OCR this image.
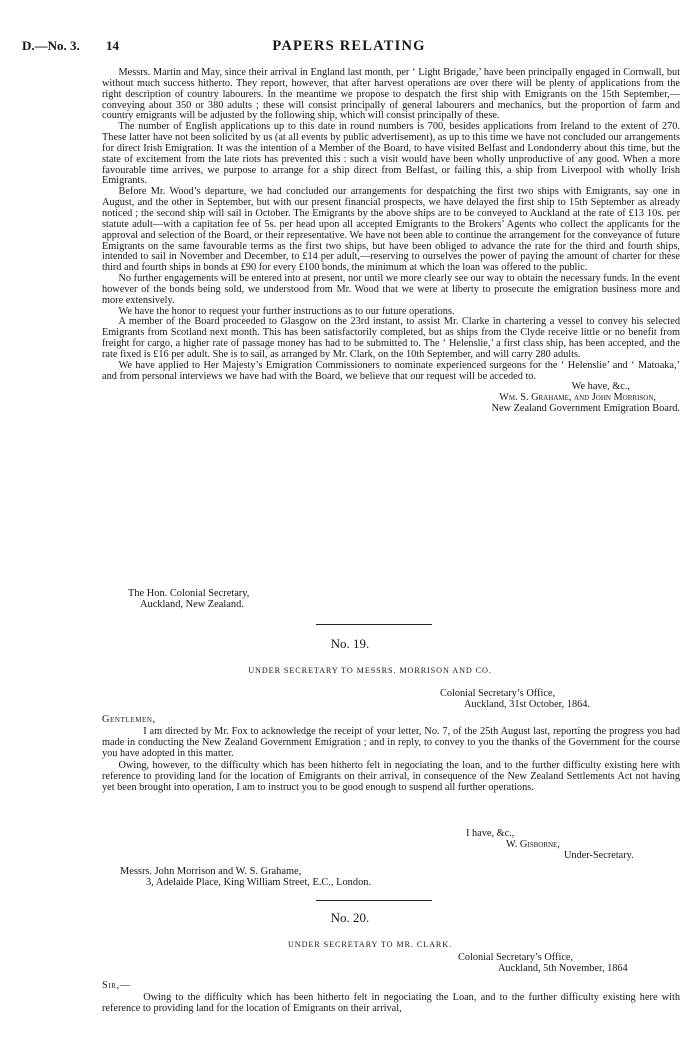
D.—No. 3. 14	PAPERS RELATING

Messrs. Martin and May, since their arrival in England last month, per ‘ Light Brigade,’ have been principally engaged in Cornwall, but without much success hitherto. They report, however, that after harvest operations are over there will be plenty of applications from the right description of country labourers. In the meantime we propose to despatch the first ship with Emigrants on the 15th September,—conveying about 350 or 380 adults ; these will consist principally of general labourers and mechanics, but the proportion of farm and country emigrants will be adjusted by the following ship, which will consist principally of these.

The number of English applications up to this date in round numbers is 700, besides applications from Ireland to the extent of 270. These latter have not been solicited by us (at all events by public advertisement), as up to this time we have not concluded our arrangements for direct Irish Emigration. It was the intention of a Member of the Board, to have visited Belfast and Londonderry about this time, but the state of excitement from the late riots has prevented this : such a visit would have been wholly unproductive of any good. When a more favourable time arrives, we purpose to arrange for a ship direct from Belfast, or failing this, a ship from Liverpool with wholly Irish Emigrants.

Before Mr. Wood’s departure, we had concluded our arrangements for despatching the first two ships with Emigrants, say one in August, and the other in September, but with our present financial prospects, we have delayed the first ship to 15th September as already noticed ; the second ship will sail in October. The Emigrants by the above ships are to be conveyed to Auckland at the rate of £13 10s. per statute adult—with a capitation fee of 5s. per head upon all accepted Emigrants to the Brokers’ Agents who collect the applicants for the approval and selection of the Board, or their representative. We have not been able to continue the arrangement for the conveyance of future Emigrants on the same favourable terms as the first two ships, but have been obliged to advance the rate for the third and fourth ships, intended to sail in November and December, to £14 per adult,—reserving to ourselves the power of paying the amount of charter for these third and fourth ships in bonds at £90 for every £100 bonds, the minimum at which the loan was offered to the public.

No further engagements will be entered into at present, nor until we more clearly see our way to obtain the necessary funds. In the event however of the bonds being sold, we understood from Mr. Wood that we were at liberty to prosecute the emigration business more and more extensively.

We have the honor to request your further instructions as to our future operations.

A member of the Board proceeded to Glasgow on the 23rd instant, to assist Mr. Clarke in chartering a vessel to convey his selected Emigrants from Scotland next month. This has been satisfactorily completed, but as ships from the Clyde receive little or no benefit from freight for cargo, a higher rate of passage money has had to be submitted to. The ‘ Helenslie,’ a first class ship, has been accepted, and the rate fixed is £16 per adult. She is to sail, as arranged by Mr. Clark, on the 10th September, and will carry 280 adults.

We have applied to Her Majesty’s Emigration Commissioners to nominate experienced surgeons for the ‘ Helenslie’ and ‘ Matoaka,’ and from personal interviews we have had with the Board, we believe that our request will be acceded to.

We have, &c.,

Wm. S. Grahame, and John Morrison,

New Zealand Government Emigration Board.

The Hon. Colonial Secretary,
Auckland, New Zealand.
No. 19.
UNDER SECRETARY TO MESSRS. MORRISON AND CO.
Colonial Secretary’s Office,
Auckland, 31st October, 1864.
Gentlemen,

I am directed by Mr. Fox to acknowledge the receipt of your letter, No. 7, of the 25th August last, reporting the progress you had made in conducting the New Zealand Government Emigration ; and in reply, to convey to you the thanks of the Government for the course you have adopted in this matter.

Owing, however, to the difficulty which has been hitherto felt in negociating the loan, and to the further difficulty existing here with reference to providing land for the location of Emigrants on their arrival, in consequence of the New Zealand Settlements Act not having yet been brought into operation, I am to instruct you to be good enough to suspend all further operations.

I have, &c.,
W. Gisborne,
Under-Secretary.
Messrs. John Morrison and W. S. Grahame,
3, Adelaide Place, King William Street, E.C., London.
No. 20.
UNDER SECRETARY TO MR. CLARK.
Colonial Secretary’s Office,
Auckland, 5th November, 1864
Sir,—

Owing to the difficulty which has been hitherto felt in negociating the Loan, and to the further difficulty existing here with reference to providing land for the location of Emigrants on their arrival,
